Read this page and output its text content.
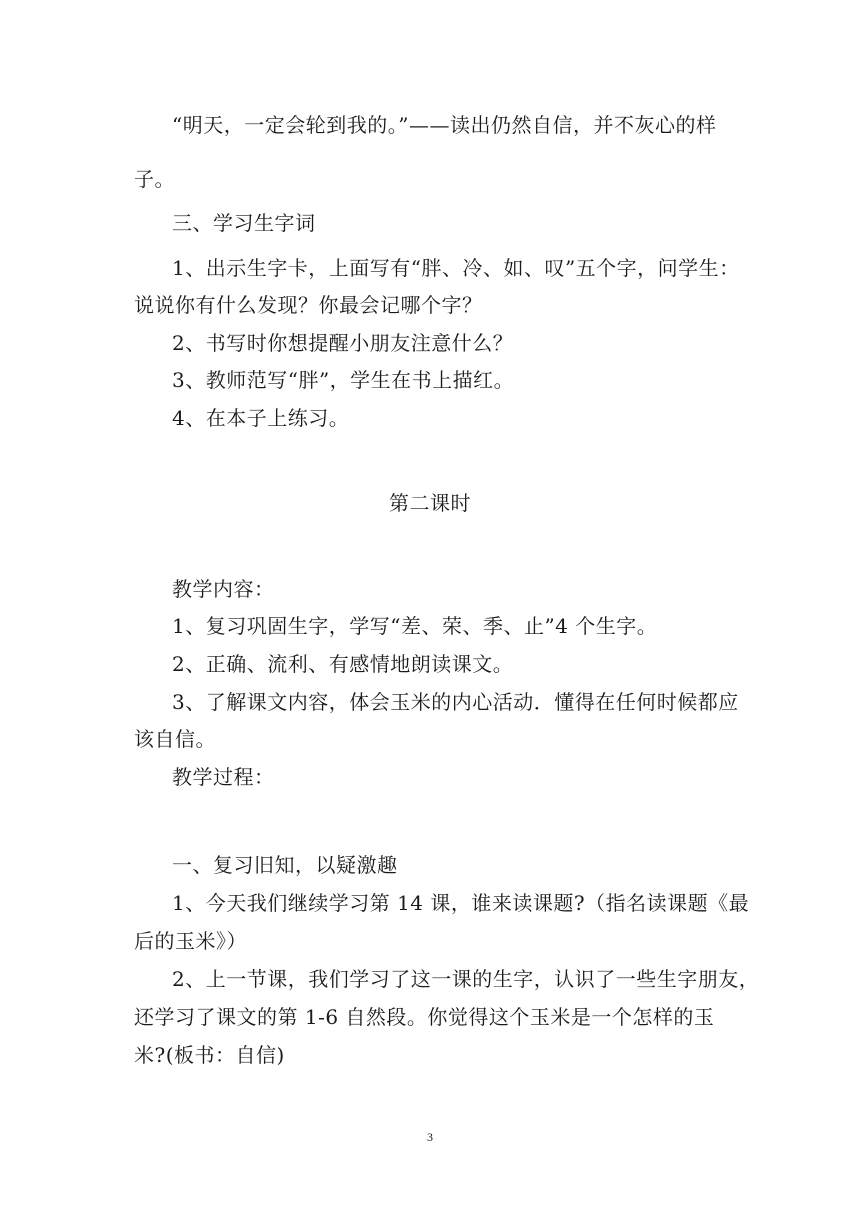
“明天，一定会轮到我的。”——读出仍然自信，并不灰心的样
子。
三、学习生字词
1、出示生字卡，上面写有“胖、冷、如、叹”五个字，问学生：
说说你有什么发现？你最会记哪个字？
2、书写时你想提醒小朋友注意什么？
3、教师范写“胖”，学生在书上描红。
4、在本子上练习。
第二课时
教学内容：
1、复习巩固生字，学写“差、荣、季、止”4 个生字。
2、正确、流利、有感情地朗读课文。
3、了解课文内容，体会玉米的内心活动．懂得在任何时候都应
该自信。
教学过程：
一、复习旧知，以疑激趣
1、今天我们继续学习第 14 课，谁来读课题?（指名读课题《最
后的玉米》）
2、上一节课，我们学习了这一课的生字，认识了一些生字朋友，
还学习了课文的第 1-6 自然段。你觉得这个玉米是一个怎样的玉
米?(板书：自信)
3
